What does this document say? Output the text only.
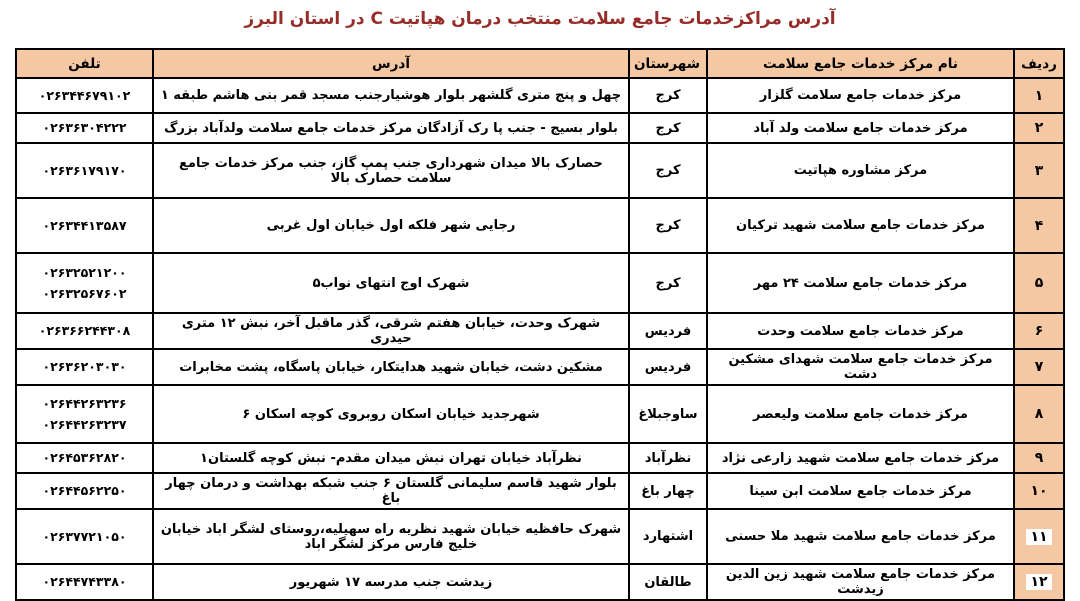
آدرس مراکزخدمات جامع سلامت منتخب درمان هپاتیت C در استان البرز
ردیف	نام مرکز خدمات جامع سلامت	شهرستان	آدرس	تلفن
۱	مرکز خدمات جامع سلامت گلزار	کرج	چهل و پنج متری گلشهر بلوار هوشیارجنب مسجد قمر بنی هاشم طبقه ۱	۰۲۶۳۴۴۶۷۹۱۰۲

۲	مرکز خدمات جامع سلامت ولد آباد	کرج	بلوار بسیج - جنب پا رک آزادگان مرکز خدمات جامع سلامت ولدآباد بزرگ	۰۲۶۳۶۳۰۴۲۲۲

۳	مرکز مشاوره هپاتیت	کرج	حصارک بالا میدان شهرداری جنب پمپ گاز، جنب مرکز خدمات جامع سلامت حصارک بالا	۰۲۶۳۶۱۷۹۱۷۰

۴	مرکز خدمات جامع سلامت شهید ترکیان	کرج	رجایی شهر فلکه اول خیابان اول غربی	۰۲۶۳۴۴۱۳۵۸۷

۵	مرکز خدمات جامع سلامت ۲۴ مهر	کرج	شهرک اوج انتهای نواب۵	۰۲۶۳۲۵۲۱۲۰۰
۰۲۶۳۲۵۶۷۶۰۲

۶	مرکز خدمات جامع سلامت وحدت	فردیس	شهرک وحدت، خیابان هفتم شرقی، گذر ماقبل آخر، نبش ۱۲ متری حیدری	۰۲۶۳۶۶۲۴۴۳۰۸

۷	مرکز خدمات جامع سلامت شهدای مشکین دشت	فردیس	مشکین دشت، خیابان شهید هدایتکار، خیابان پاسگاه، پشت مخابرات	۰۲۶۳۶۲۰۳۰۳۰

۸	مرکز خدمات جامع سلامت ولیعصر	ساوجبلاغ	شهرجدید خیابان اسکان روبروی کوچه اسکان ۶	۰۲۶۴۴۲۶۳۲۳۶
۰۲۶۴۴۲۶۳۲۳۷

۹	مرکز خدمات جامع سلامت شهید زارعی نژاد	نظرآباد	نظرآباد خیابان تهران نبش میدان مقدم- نبش کوچه گلستان۱	۰۲۶۴۵۳۶۲۸۲۰

۱۰	مرکز خدمات جامع سلامت ابن سینا	چهار باغ	بلوار شهید قاسم سلیمانی گلستان ۶ جنب شبکه بهداشت و درمان چهار باغ	۰۲۶۴۴۵۶۲۲۵۰

۱۱	مرکز خدمات جامع سلامت شهید ملا حسنی	اشتهارد	شهرک حافظیه خیابان شهید نظریه راه سهیلیه،روستای لشگر اباد خیابان خلیج فارس مرکز لشگر اباد	۰۲۶۳۷۷۲۱۰۵۰

۱۲	مرکز خدمات جامع سلامت شهید زین الدین زیدشت	طالقان	زیدشت جنب مدرسه ۱۷ شهریور	۰۲۶۴۴۷۴۳۳۸۰
